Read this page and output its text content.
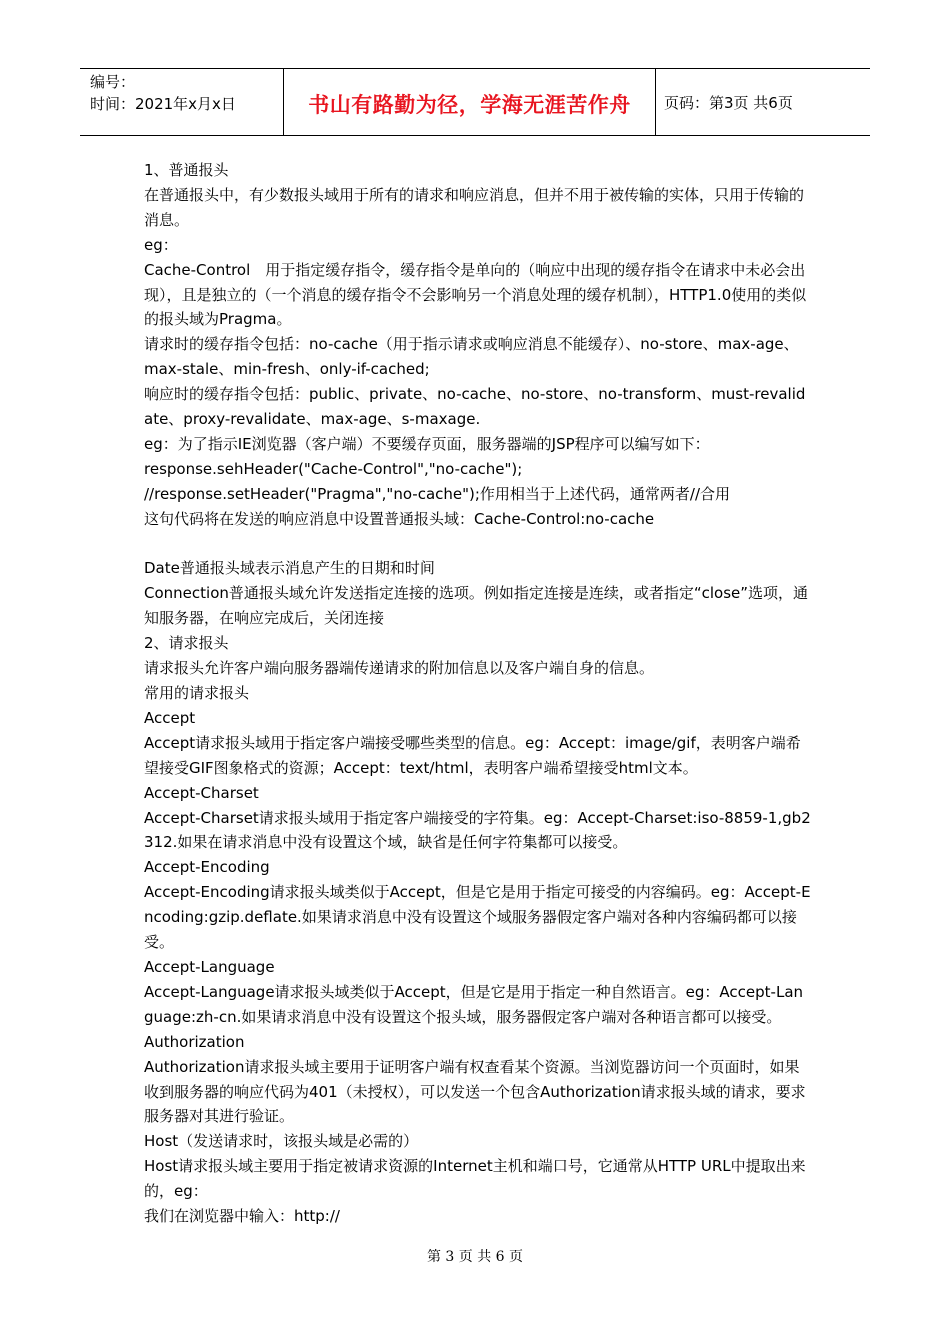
编号：
时间：2021年x月x日	书山有路勤为径，学海无涯苦作舟 页码：第3页 共6页

1、普通报头

在普通报头中，有少数报头域用于所有的请求和响应消息，但并不用于被传输的实体，只用于传输的消息。

eg：

Cache-Control　用于指定缓存指令，缓存指令是单向的（响应中出现的缓存指令在请求中未必会出现），且是独立的（一个消息的缓存指令不会影响另一个消息处理的缓存机制），HTTP1.0使用的类似的报头域为Pragma。

请求时的缓存指令包括：no-cache（用于指示请求或响应消息不能缓存）、no-store、max-age、max-stale、min-fresh、only-if-cached;

响应时的缓存指令包括：public、private、no-cache、no-store、no-transform、must-revalidate、proxy-revalidate、max-age、s-maxage.

eg：为了指示IE浏览器（客户端）不要缓存页面，服务器端的JSP程序可以编写如下：

response.sehHeader("Cache-Control","no-cache");

//response.setHeader("Pragma","no-cache");作用相当于上述代码，通常两者//合用

这句代码将在发送的响应消息中设置普通报头域：Cache-Control:no-cache

Date普通报头域表示消息产生的日期和时间

Connection普通报头域允许发送指定连接的选项。例如指定连接是连续，或者指定“close”选项，通知服务器，在响应完成后，关闭连接

2、请求报头

请求报头允许客户端向服务器端传递请求的附加信息以及客户端自身的信息。

常用的请求报头

Accept

Accept请求报头域用于指定客户端接受哪些类型的信息。eg：Accept：image/gif，表明客户端希望接受GIF图象格式的资源；Accept：text/html，表明客户端希望接受html文本。

Accept-Charset

Accept-Charset请求报头域用于指定客户端接受的字符集。eg：Accept-Charset:iso-8859-1,gb2312.如果在请求消息中没有设置这个域，缺省是任何字符集都可以接受。

Accept-Encoding

Accept-Encoding请求报头域类似于Accept，但是它是用于指定可接受的内容编码。eg：Accept-Encoding:gzip.deflate.如果请求消息中没有设置这个域服务器假定客户端对各种内容编码都可以接受。

Accept-Language

Accept-Language请求报头域类似于Accept，但是它是用于指定一种自然语言。eg：Accept-Language:zh-cn.如果请求消息中没有设置这个报头域，服务器假定客户端对各种语言都可以接受。

Authorization

Authorization请求报头域主要用于证明客户端有权查看某个资源。当浏览器访问一个页面时，如果收到服务器的响应代码为401（未授权），可以发送一个包含Authorization请求报头域的请求，要求服务器对其进行验证。

Host（发送请求时，该报头域是必需的）

Host请求报头域主要用于指定被请求资源的Internet主机和端口号，它通常从HTTP URL中提取出来的，eg：

我们在浏览器中输入：http://

第 3 页 共 6 页
